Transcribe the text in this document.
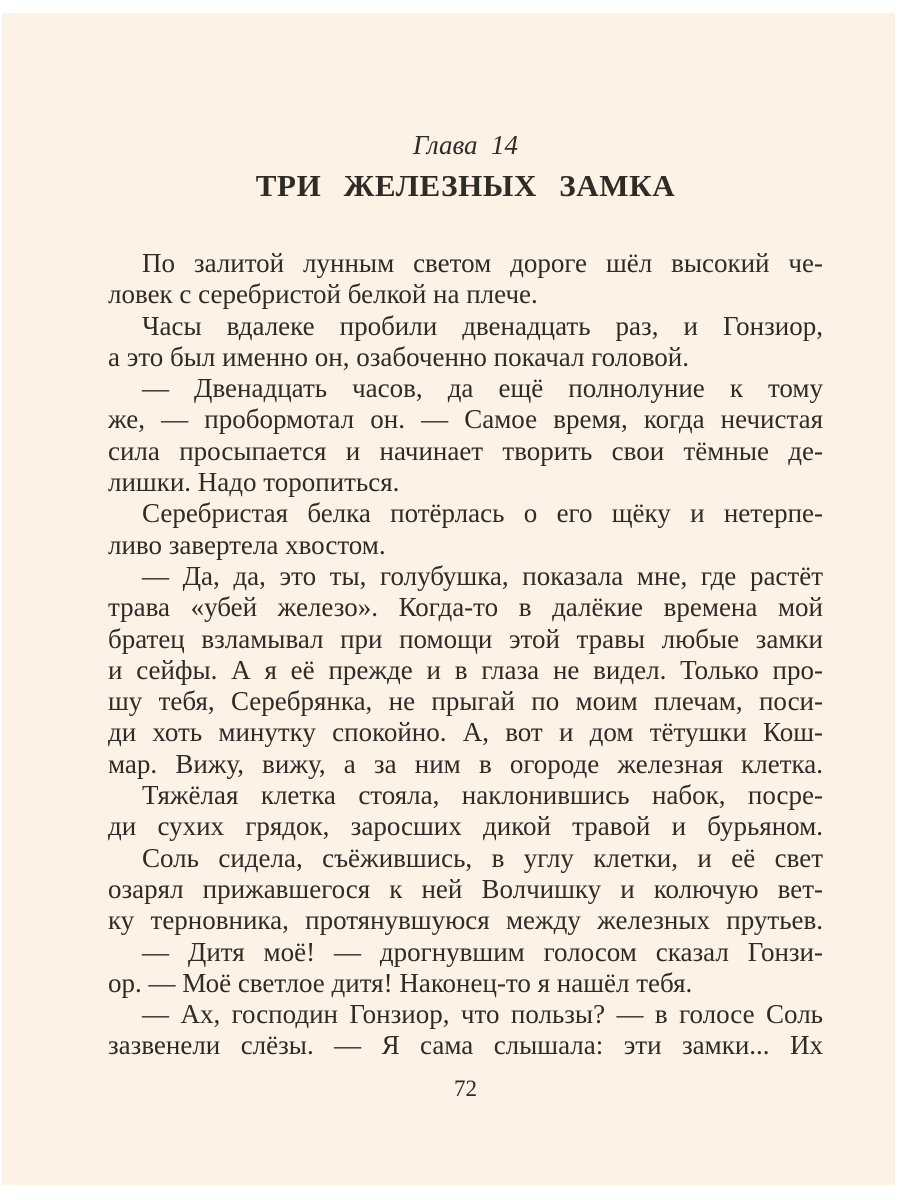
Глава 14
ТРИ ЖЕЛЕЗНЫХ ЗАМКА
По залитой лунным светом дороге шёл высокий че-
ловек с серебристой белкой на плече.
Часы вдалеке пробили двенадцать раз, и Гонзиор,
а это был именно он, озабоченно покачал головой.
— Двенадцать часов, да ещё полнолуние к тому
же, — пробормотал он. — Самое время, когда нечистая
сила просыпается и начинает творить свои тёмные де-
лишки. Надо торопиться.
Серебристая белка потёрлась о его щёку и нетерпе-
ливо завертела хвостом.
— Да, да, это ты, голубушка, показала мне, где растёт
трава «убей железо». Когда-то в далёкие времена мой
братец взламывал при помощи этой травы любые замки
и сейфы. А я её прежде и в глаза не видел. Только про-
шу тебя, Серебрянка, не прыгай по моим плечам, поси-
ди хоть минутку спокойно. А, вот и дом тётушки Кош-
мар. Вижу, вижу, а за ним в огороде железная клетка.
Тяжёлая клетка стояла, наклонившись набок, посре-
ди сухих грядок, заросших дикой травой и бурьяном.
Соль сидела, съёжившись, в углу клетки, и её свет
озарял прижавшегося к ней Волчишку и колючую вет-
ку терновника, протянувшуюся между железных прутьев.
— Дитя моё! — дрогнувшим голосом сказал Гонзи-
ор. — Моё светлое дитя! Наконец-то я нашёл тебя.
— Ах, господин Гонзиор, что пользы? — в голосе Соль
зазвенели слёзы. — Я сама слышала: эти замки... Их
72
